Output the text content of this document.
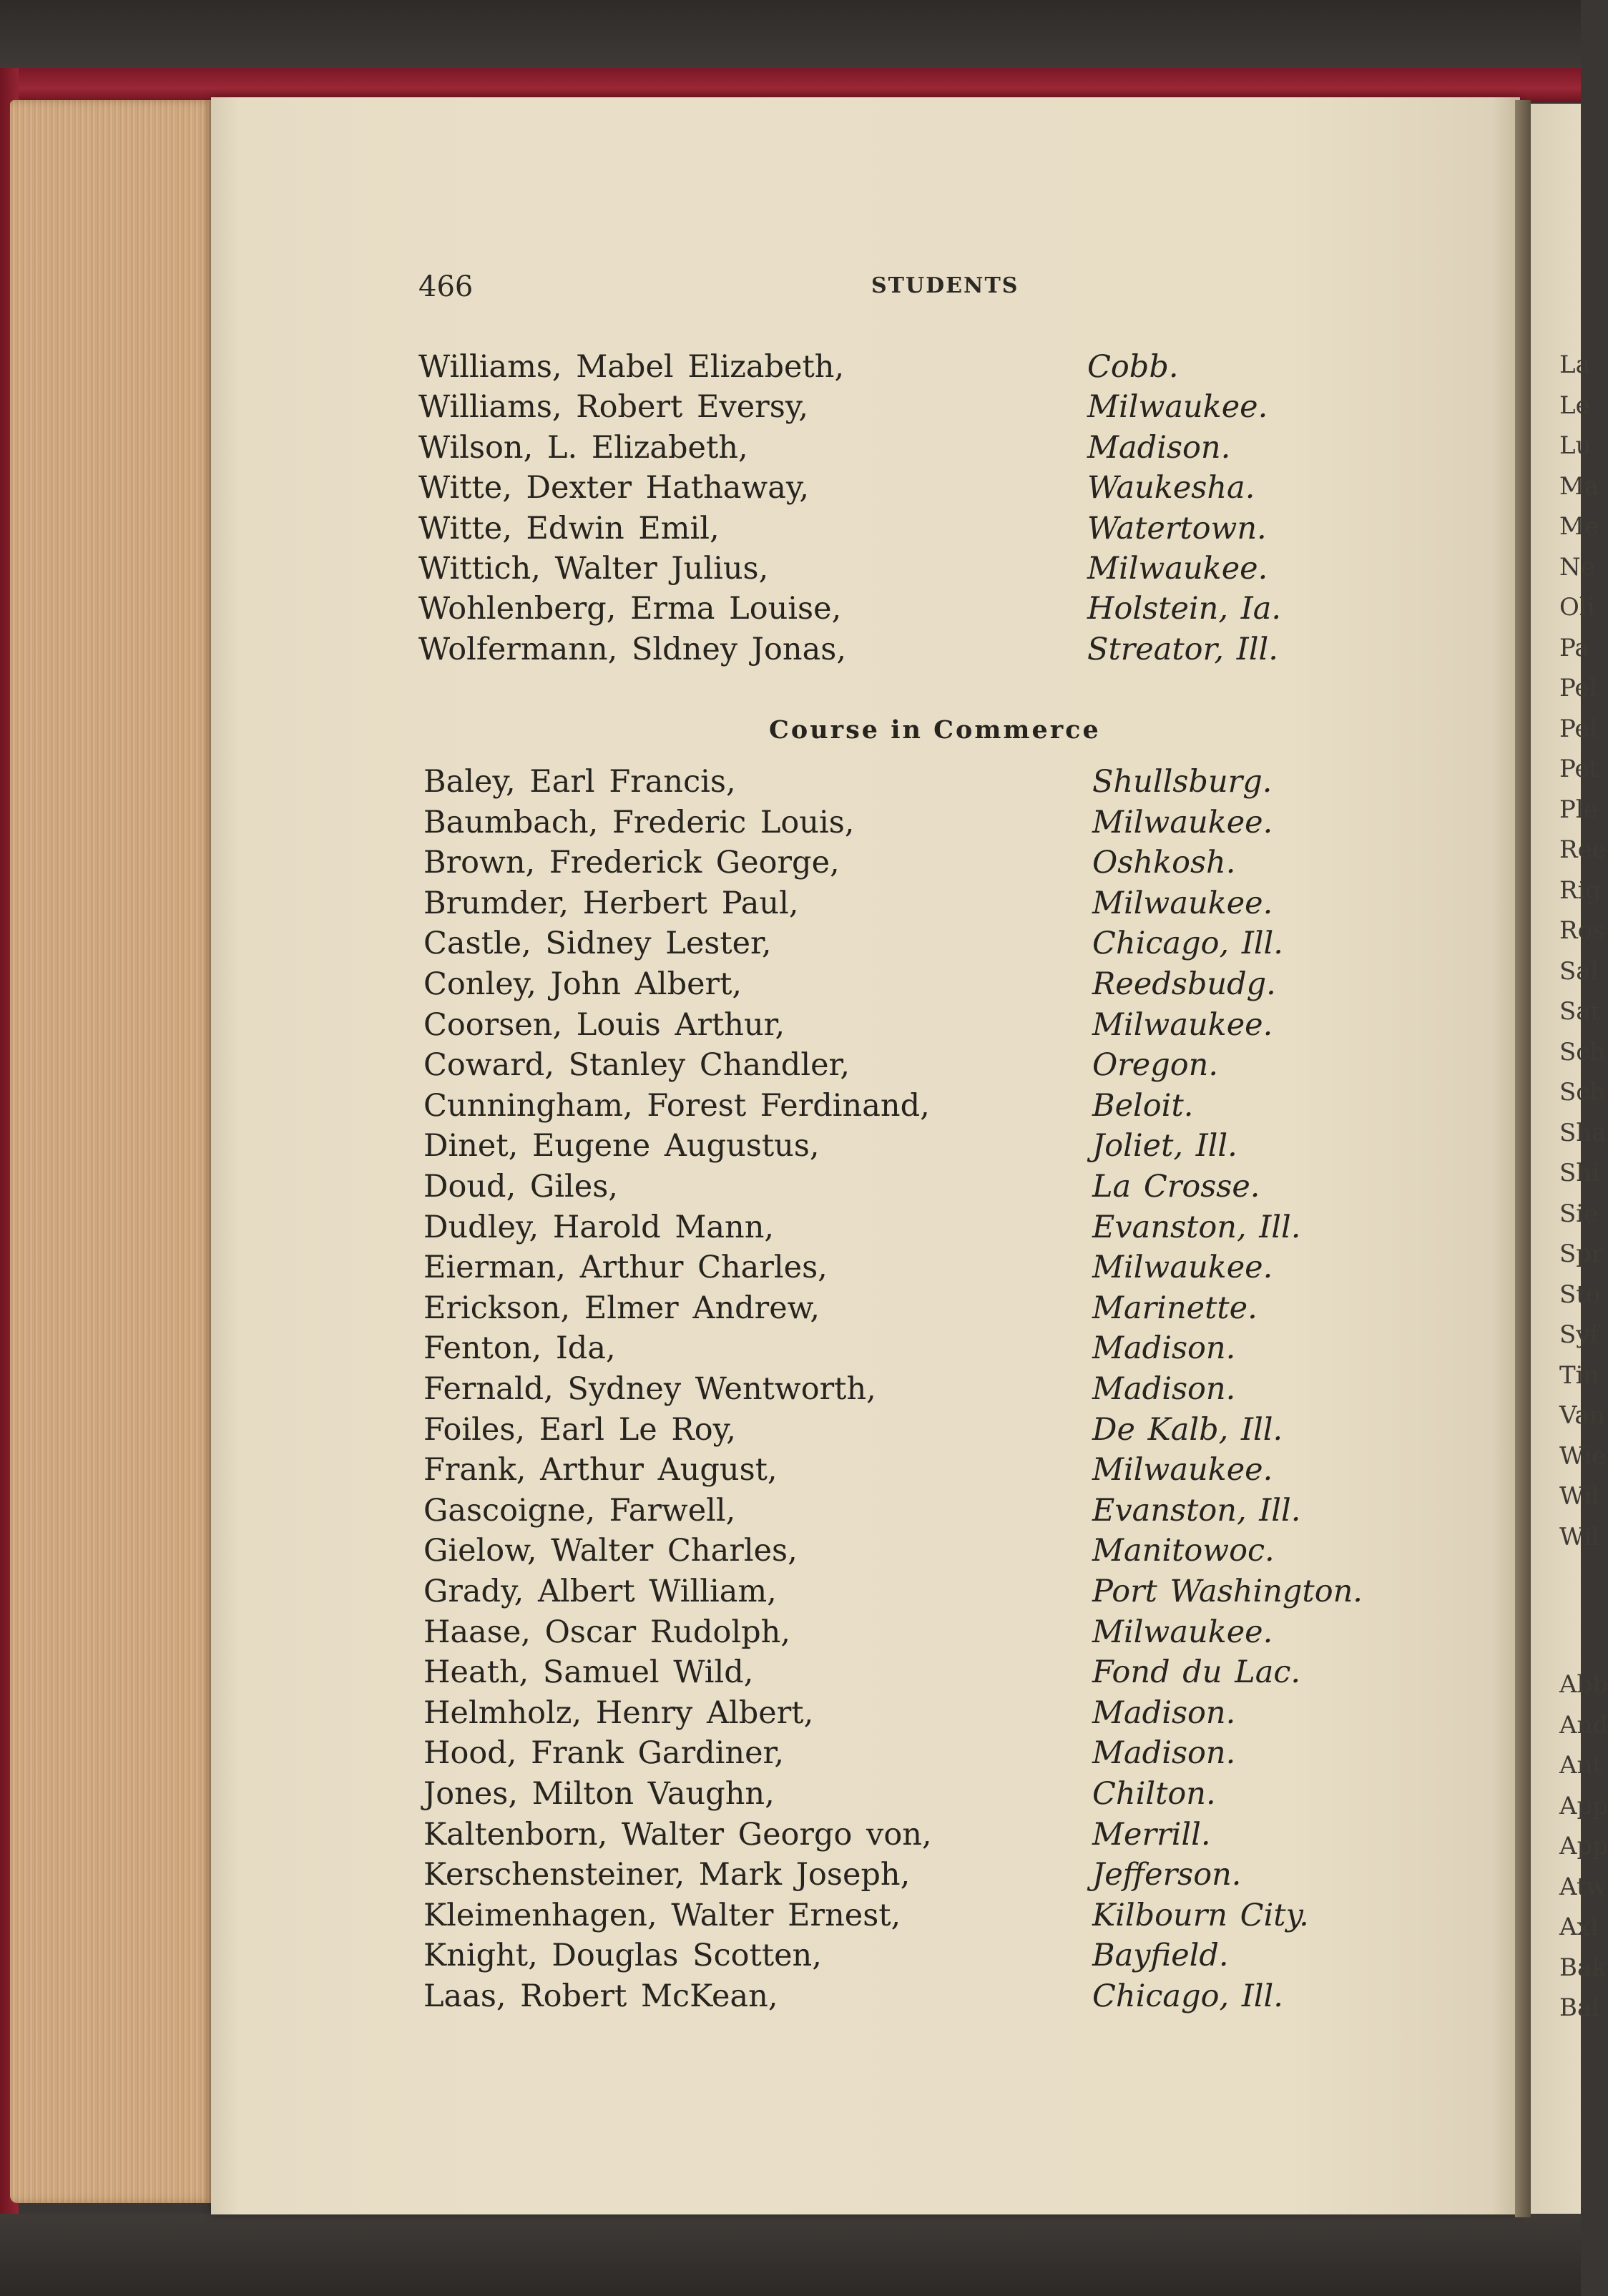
La
Le
Lu
Ma
Me
Ne
Oli
Pa
Pel
Pel
Pet
Ple
Ree
Rig
Ros
Sal
Sat
Sch
Sch
Sha
Shi
Sie
Spr
Sto
Syf
Tin
Van
Wie
Wil
Wil
Abb
And
Ant
App
App
Atw
Axl
Bak
Bal
466	STUDENTS
Williams, Mabel Elizabeth,	Cobb.
Williams, Robert Eversy,	Milwaukee.
Wilson, L. Elizabeth,	Madison.
Witte, Dexter Hathaway,	Waukesha.
Witte, Edwin Emil,	Watertown.
Wittich, Walter Julius,	Milwaukee.
Wohlenberg, Erma Louise,	Holstein, Ia.
Wolfermann, Sldney Jonas,	Streator, Ill.
Course in Commerce
Baley, Earl Francis,	Shullsburg.
Baumbach, Frederic Louis,	Milwaukee.
Brown, Frederick George,	Oshkosh.
Brumder, Herbert Paul,	Milwaukee.
Castle, Sidney Lester,	Chicago, Ill.
Conley, John Albert,	Reedsbudg.
Coorsen, Louis Arthur,	Milwaukee.
Coward, Stanley Chandler,	Oregon.
Cunningham, Forest Ferdinand,	Beloit.
Dinet, Eugene Augustus,	Joliet, Ill.
Doud, Giles,	La Crosse.
Dudley, Harold Mann,	Evanston, Ill.
Eierman, Arthur Charles,	Milwaukee.
Erickson, Elmer Andrew,	Marinette.
Fenton, Ida,	Madison.
Fernald, Sydney Wentworth,	Madison.
Foiles, Earl Le Roy,	De Kalb, Ill.
Frank, Arthur August,	Milwaukee.
Gascoigne, Farwell,	Evanston, Ill.
Gielow, Walter Charles,	Manitowoc.
Grady, Albert William,	Port Washington.
Haase, Oscar Rudolph,	Milwaukee.
Heath, Samuel Wild,	Fond du Lac.
Helmholz, Henry Albert,	Madison.
Hood, Frank Gardiner,	Madison.
Jones, Milton Vaughn,	Chilton.
Kaltenborn, Walter Georgo von,	Merrill.
Kerschensteiner, Mark Joseph,	Jefferson.
Kleimenhagen, Walter Ernest,	Kilbourn City.
Knight, Douglas Scotten,	Bayfield.
Laas, Robert McKean,	Chicago, Ill.
